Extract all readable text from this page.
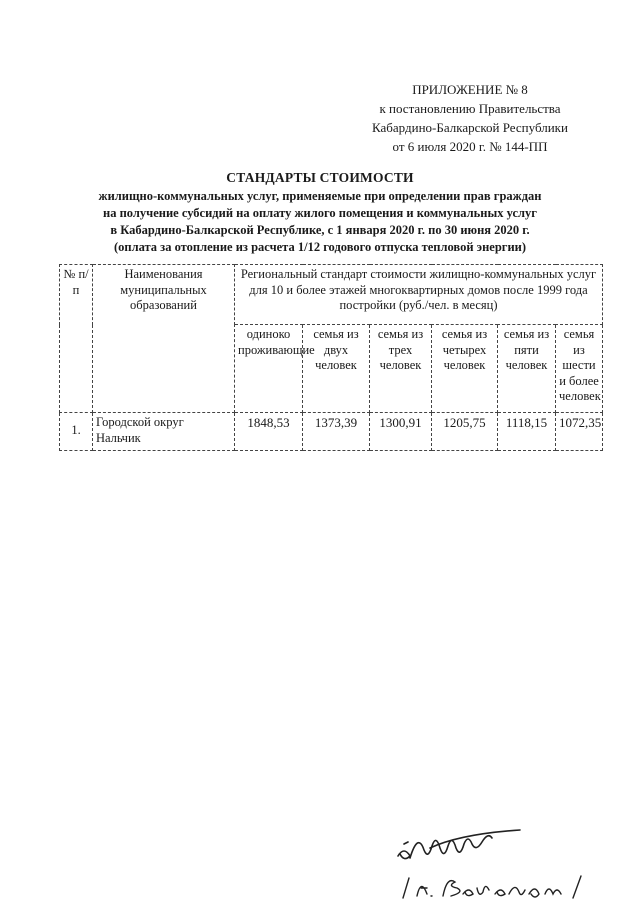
ПРИЛОЖЕНИЕ № 8
к постановлению Правительства
Кабардино-Балкарской Республики
от 6 июля 2020 г. № 144-ПП
СТАНДАРТЫ СТОИМОСТИ
жилищно-коммунальных услуг, применяемые при определении прав граждан
на получение субсидий на оплату жилого помещения и коммунальных услуг
в Кабардино-Балкарской Республике, с 1 января 2020 г. по 30 июня 2020 г.
(оплата за отопление из расчета 1/12 годового отпуска тепловой энергии)
№ п/п	Наименования муниципальных образований	Региональный стандарт стоимости жилищно-коммунальных услуг для 10 и более этажей многоквартирных домов после 1999 года постройки (руб./чел. в месяц)					
		одиноко проживающие	семья из двух человек	семья из трех человек	семья из четырех человек	семья из пяти человек	семья из шести и более человек
1.	Городской округ Нальчик	1848,53	1373,39	1300,91	1205,75	1118,15	1072,35
